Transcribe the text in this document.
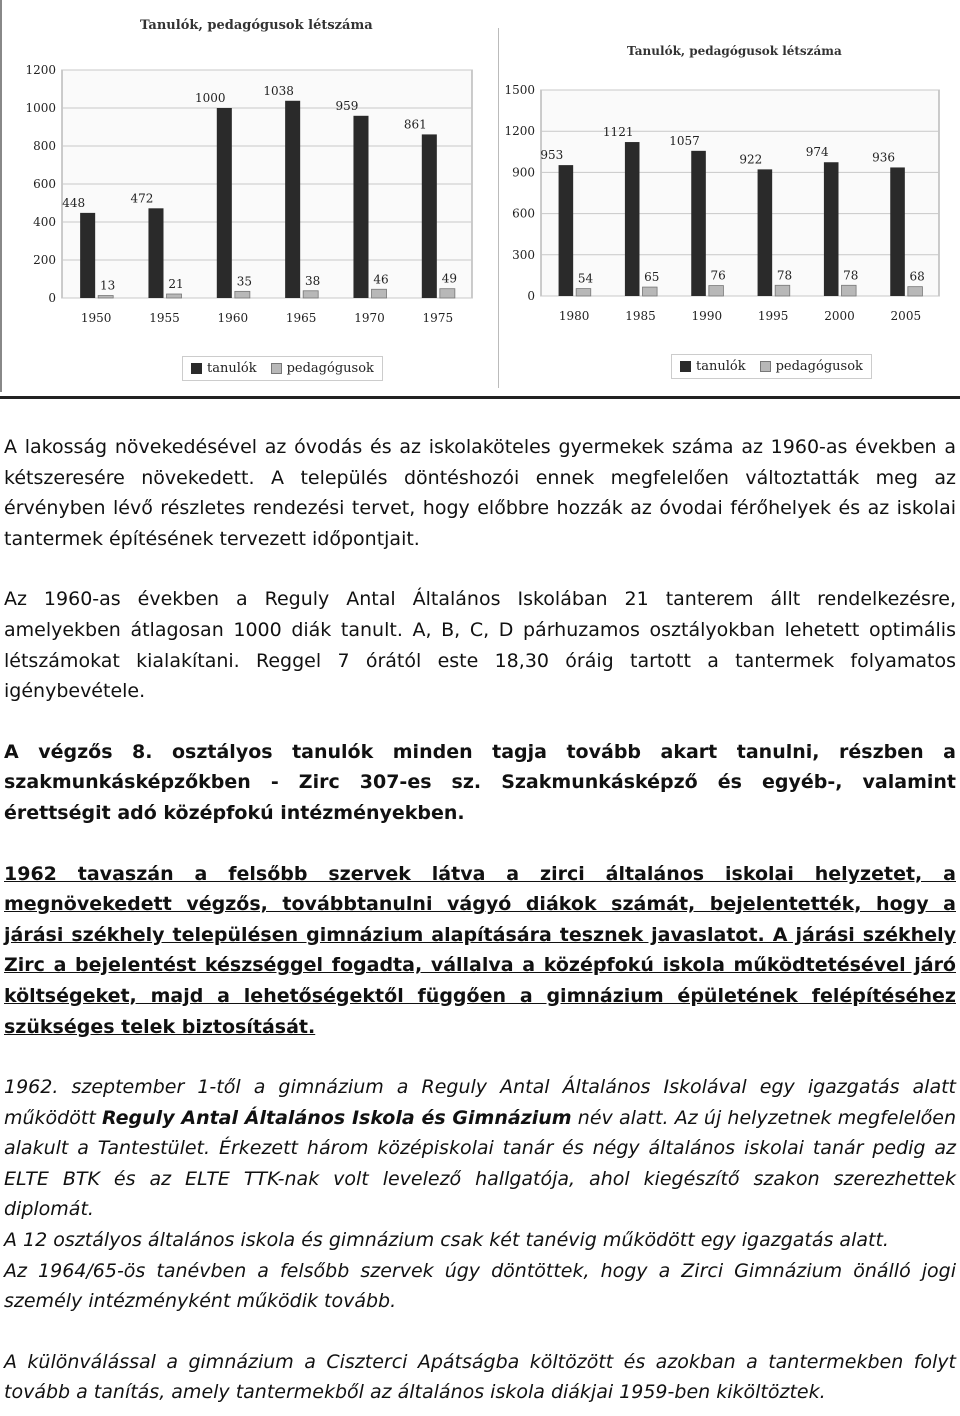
Tanulók, pedagógusok létszáma
0
200
400
600
800
1000
1200
448
13
1950
472
21
1955
1000
35
1960
1038
38
1965
959
46
1970
861
49
1975
tanulók pedagógusok
Tanulók, pedagógusok létszáma
0
300
600
900
1200
1500
953
54
1980
1121
65
1985
1057
76
1990
922
78
1995
974
78
2000
936
68
2005
tanulók pedagógusok

A lakosság növekedésével az óvodás és az iskolaköteles gyermekek száma az 1960-as években a kétszeresére növekedett. A település döntéshozói ennek megfelelően változtatták meg az érvényben lévő részletes rendezési tervet, hogy előbbre hozzák az óvodai férőhelyek és az iskolai tantermek építésének tervezett időpontjait.

Az 1960-as években a Reguly Antal Általános Iskolában 21 tanterem állt rendelkezésre, amelyekben átlagosan 1000 diák tanult. A, B, C, D párhuzamos osztályokban lehetett optimális létszámokat kialakítani. Reggel 7 órától este 18,30 óráig tartott a tantermek folyamatos igénybevétele.

A végzős 8. osztályos tanulók minden tagja tovább akart tanulni, részben a szakmunkásképzőkben - Zirc 307-es sz. Szakmunkásképző és egyéb-, valamint érettségit adó középfokú intézményekben.

1962 tavaszán a felsőbb szervek látva a zirci általános iskolai helyzetet, a megnövekedett végzős, továbbtanulni vágyó diákok számát, bejelentették, hogy a járási székhely településen gimnázium alapítására tesznek javaslatot. A járási székhely Zirc a bejelentést készséggel fogadta, vállalva a középfokú iskola működtetésével járó költségeket, majd a lehetőségektől függően a gimnázium épületének felépítéséhez szükséges telek biztosítását.

1962. szeptember 1-től a gimnázium a Reguly Antal Általános Iskolával egy igazgatás alatt működött Reguly Antal Általános Iskola és Gimnázium név alatt. Az új helyzetnek megfelelően alakult a Tantestület. Érkezett három középiskolai tanár és négy általános iskolai tanár pedig az ELTE BTK és az ELTE TTK-nak volt levelező hallgatója, ahol kiegészítő szakon szerezhettek diplomát.

A 12 osztályos általános iskola és gimnázium csak két tanévig működött egy igazgatás alatt.

Az 1964/65-ös tanévben a felsőbb szervek úgy döntöttek, hogy a Zirci Gimnázium önálló jogi személy intézményként működik tovább.

A különválással a gimnázium a Ciszterci Apátságba költözött és azokban a tantermekben folyt tovább a tanítás, amely tantermekből az általános iskola diákjai 1959-ben kiköltöztek.
